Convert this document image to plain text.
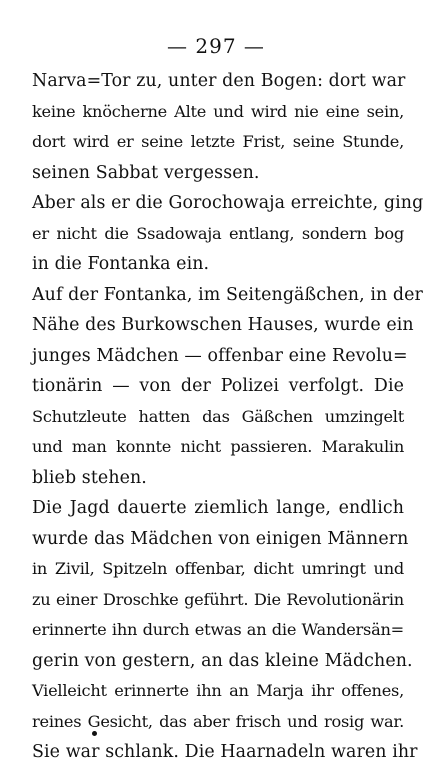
— 297 —
Narva=Tor zu, unter den Bogen: dort war
keine knöcherne Alte und wird nie eine sein,
dort wird er seine letzte Frist, seine Stunde,
seinen Sabbat vergessen.
Aber als er die Gorochowaja erreichte, ging
er nicht die Ssadowaja entlang, sondern bog
in die Fontanka ein.
Auf der Fontanka, im Seitengäßchen, in der
Nähe des Burkowschen Hauses, wurde ein
junges Mädchen — offenbar eine Revolu=
tionärin — von der Polizei verfolgt. Die
Schutzleute hatten das Gäßchen umzingelt
und man konnte nicht passieren. Marakulin
blieb stehen.
Die Jagd dauerte ziemlich lange, endlich
wurde das Mädchen von einigen Männern
in Zivil, Spitzeln offenbar, dicht umringt und
zu einer Droschke geführt. Die Revolutionärin
erinnerte ihn durch etwas an die Wandersän=
gerin von gestern, an das kleine Mädchen.
Vielleicht erinnerte ihn an Marja ihr offenes,
reines Gesicht, das aber frisch und rosig war.
Sie war schlank. Die Haarnadeln waren ihr
